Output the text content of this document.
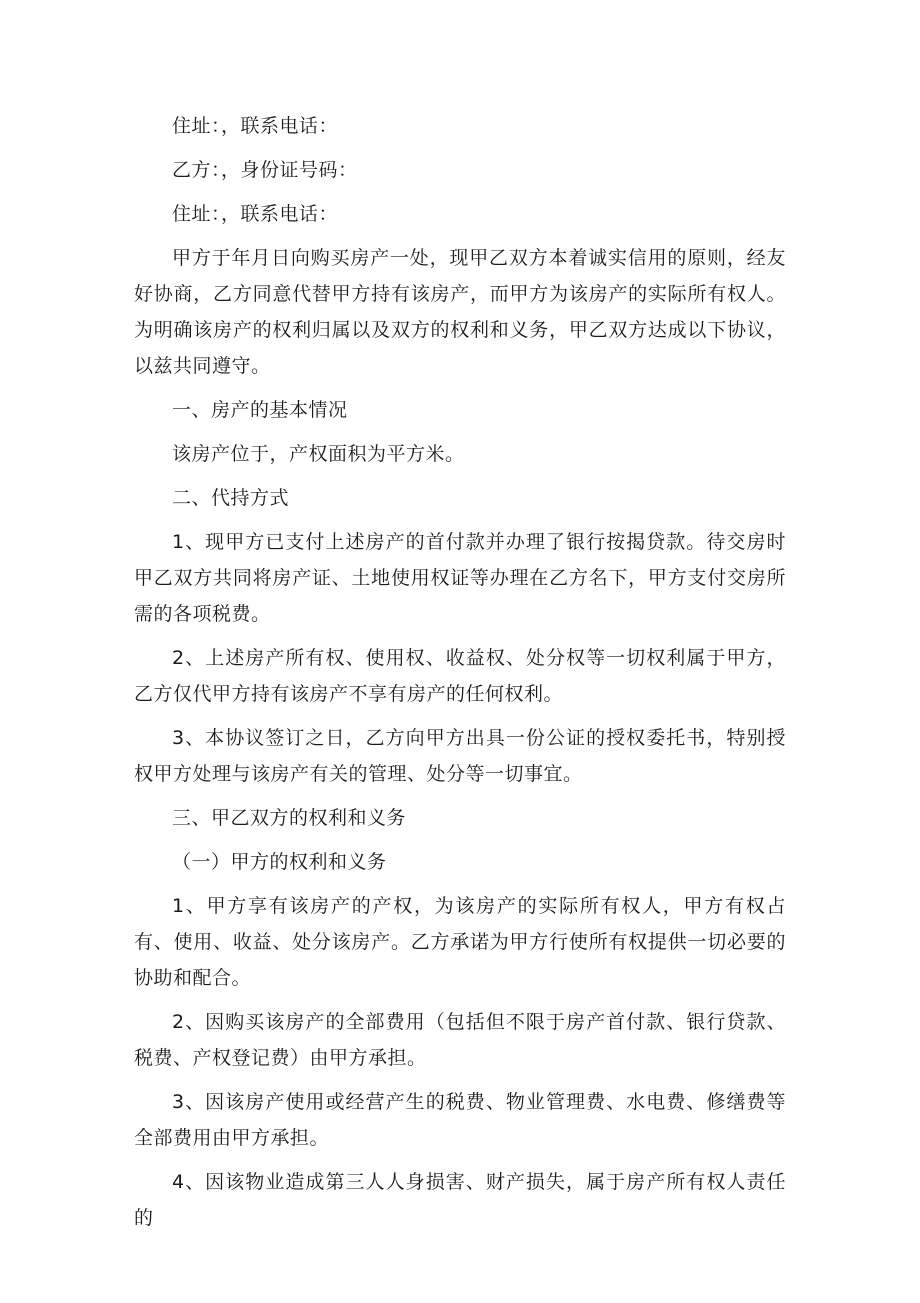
住址：，联系电话：

乙方：，身份证号码：

住址：，联系电话：

甲方于年月日向购买房产一处，现甲乙双方本着诚实信用的原则，经友好协商，乙方同意代替甲方持有该房产，而甲方为该房产的实际所有权人。为明确该房产的权利归属以及双方的权利和义务，甲乙双方达成以下协议，以兹共同遵守。

一、房产的基本情况

该房产位于，产权面积为平方米。

二、代持方式

1、现甲方已支付上述房产的首付款并办理了银行按揭贷款。待交房时甲乙双方共同将房产证、土地使用权证等办理在乙方名下，甲方支付交房所需的各项税费。

2、上述房产所有权、使用权、收益权、处分权等一切权利属于甲方，乙方仅代甲方持有该房产不享有房产的任何权利。

3、本协议签订之日，乙方向甲方出具一份公证的授权委托书，特别授权甲方处理与该房产有关的管理、处分等一切事宜。

三、甲乙双方的权利和义务

（一）甲方的权利和义务

1、甲方享有该房产的产权，为该房产的实际所有权人，甲方有权占有、使用、收益、处分该房产。乙方承诺为甲方行使所有权提供一切必要的协助和配合。

2、因购买该房产的全部费用（包括但不限于房产首付款、银行贷款、税费、产权登记费）由甲方承担。

3、因该房产使用或经营产生的税费、物业管理费、水电费、修缮费等全部费用由甲方承担。

4、因该物业造成第三人人身损害、财产损失，属于房产所有权人责任的
